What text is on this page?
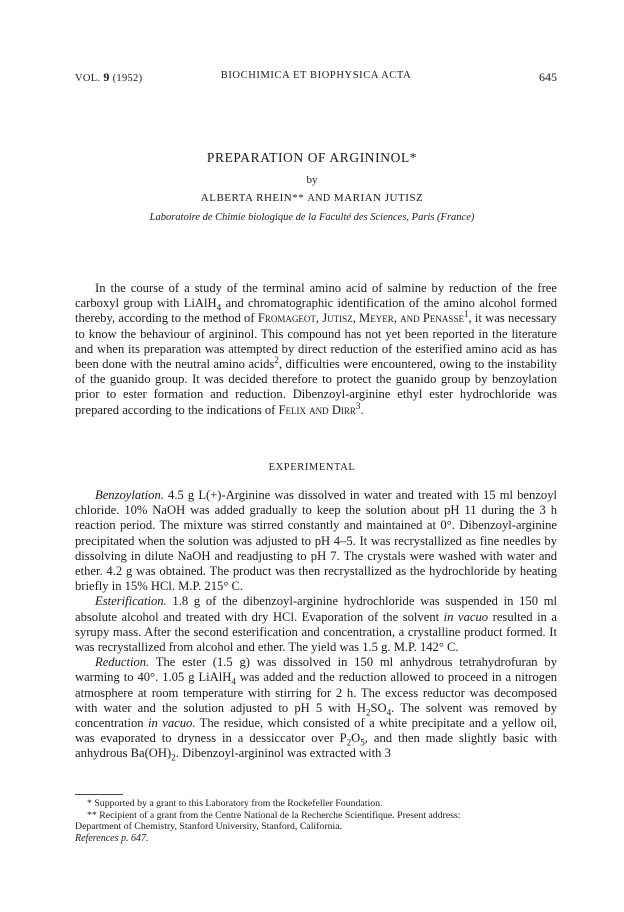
VOL. 9 (1952)	BIOCHIMICA ET BIOPHYSICA ACTA	645
PREPARATION OF ARGININOL*
by
ALBERTA RHEIN** AND MARIAN JUTISZ
Laboratoire de Chimie biologique de la Faculté des Sciences, Paris (France)

In the course of a study of the terminal amino acid of salmine by reduction of the free carboxyl group with LiAlH$_4$ and chromatographic identification of the amino alcohol formed thereby, according to the method of Fromageot, Jutisz, Meyer, and Penasse$^1$, it was necessary to know the behaviour of argininol. This compound has not yet been reported in the literature and when its preparation was attempted by direct reduction of the esterified amino acid as has been done with the neutral amino acids$^2$, difficulties were encountered, owing to the instability of the guanido group. It was decided therefore to protect the guanido group by benzoylation prior to ester formation and reduction. Dibenzoyl-arginine ethyl ester hydrochloride was prepared according to the indications of Felix and Dirr$^3$.

EXPERIMENTAL

Benzoylation. 4.5 g L(+)-Arginine was dissolved in water and treated with 15 ml benzoyl chloride. 10% NaOH was added gradually to keep the solution about pH 11 during the 3 h reaction period. The mixture was stirred constantly and maintained at 0°. Dibenzoyl-arginine precipitated when the solution was adjusted to pH 4–5. It was recrystallized as fine needles by dissolving in dilute NaOH and readjusting to pH 7. The crystals were washed with water and ether. 4.2 g was obtained. The product was then recrystallized as the hydrochloride by heating briefly in 15% HCl. M.P. 215° C.

Esterification. 1.8 g of the dibenzoyl-arginine hydrochloride was suspended in 150 ml absolute alcohol and treated with dry HCl. Evaporation of the solvent in vacuo resulted in a syrupy mass. After the second esterification and concentration, a crystalline product formed. It was recrystallized from alcohol and ether. The yield was 1.5 g. M.P. 142° C.

Reduction. The ester (1.5 g) was dissolved in 150 ml anhydrous tetrahydrofuran by warming to 40°. 1.05 g LiAlH$_4$ was added and the reduction allowed to proceed in a nitrogen atmosphere at room temperature with stirring for 2 h. The excess reductor was decomposed with water and the solution adjusted to pH 5 with $H_2SO_4$. The solvent was removed by concentration in vacuo. The residue, which consisted of a white precipitate and a yellow oil, was evaporated to dryness in a dessiccator over $P_2O_5$, and then made slightly basic with anhydrous $Ba(OH)_2$. Dibenzoyl-argininol was extracted with 3

* Supported by a grant to this Laboratory from the Rockefeller Foundation.

** Recipient of a grant from the Centre National de la Recherche Scientifique. Present address:

Department of Chemistry, Stanford University, Stanford, California.

References p. 647.
